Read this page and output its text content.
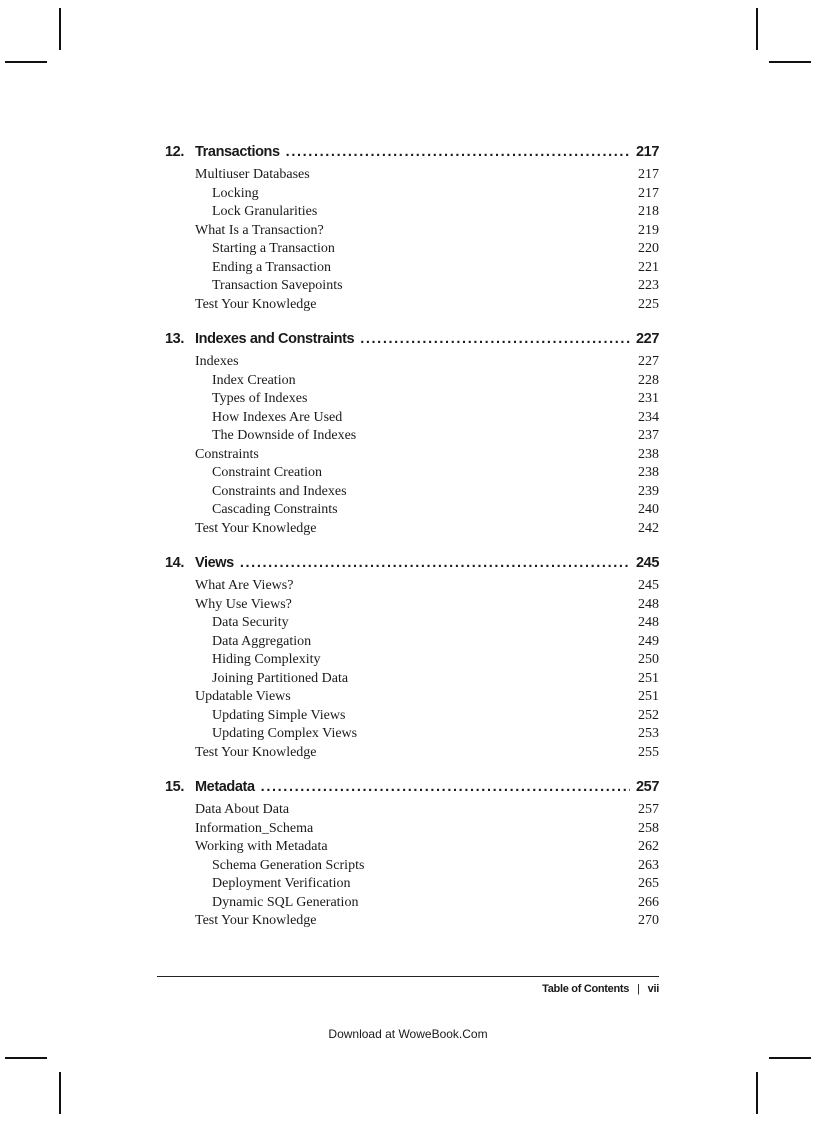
12. Transactions . . .	217
Multiuser Databases	217
Locking	217
Lock Granularities	218
What Is a Transaction?	219
Starting a Transaction	220
Ending a Transaction	221
Transaction Savepoints	223
Test Your Knowledge	225
13. Indexes and Constraints . . .	227
Indexes	227
Index Creation	228
Types of Indexes	231
How Indexes Are Used	234
The Downside of Indexes	237
Constraints	238
Constraint Creation	238
Constraints and Indexes	239
Cascading Constraints	240
Test Your Knowledge	242
14. Views . . .	245
What Are Views?	245
Why Use Views?	248
Data Security	248
Data Aggregation	249
Hiding Complexity	250
Joining Partitioned Data	251
Updatable Views	251
Updating Simple Views	252
Updating Complex Views	253
Test Your Knowledge	255
15. Metadata . . .	257
Data About Data	257
Information_Schema	258
Working with Metadata	262
Schema Generation Scripts	263
Deployment Verification	265
Dynamic SQL Generation	266
Test Your Knowledge	270
Table of Contents | vii
Download at WoweBook.Com
